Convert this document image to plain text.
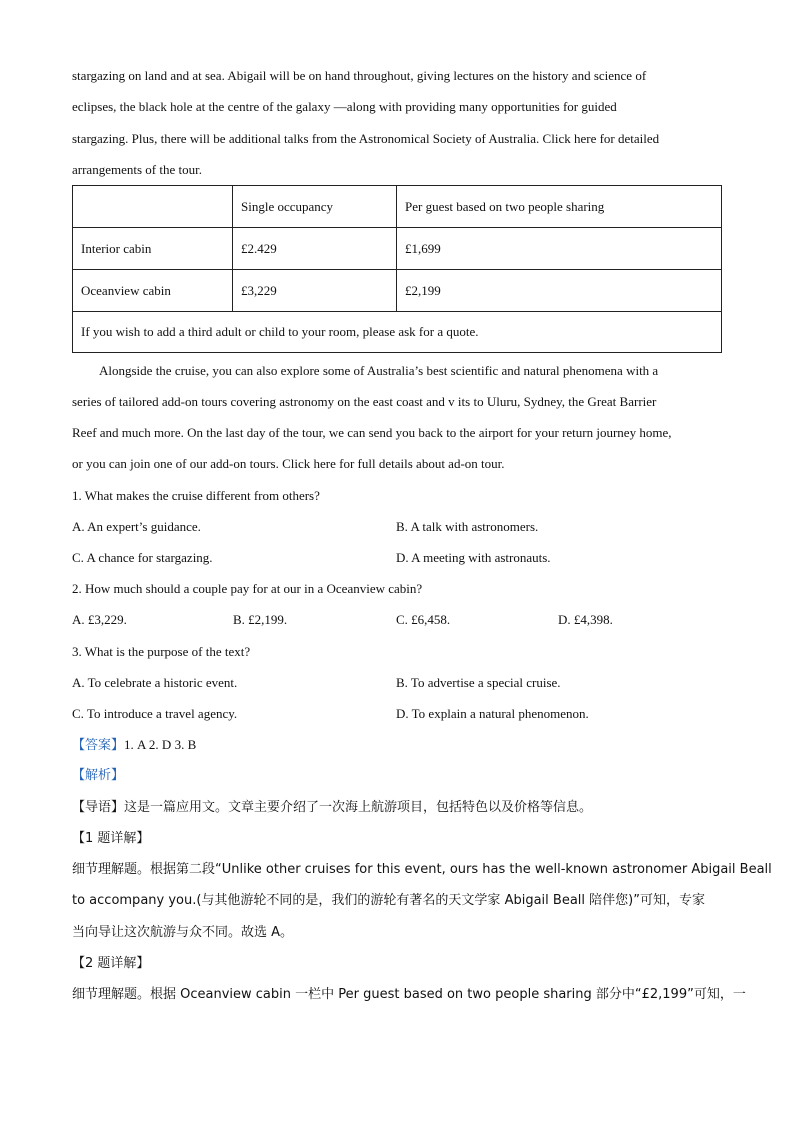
stargazing on land and at sea. Abigail will be on hand throughout, giving lectures on the history and science of
eclipses, the black hole at the centre of the galaxy —along with providing many opportunities for guided
stargazing. Plus, there will be additional talks from the Astronomical Society of Australia. Click here for detailed
arrangements of the tour.
	Single occupancy	Per guest based on two people sharing
Interior cabin	£2.429	£1,699
Oceanview cabin	£3,229	£2,199
If you wish to add a third adult or child to your room, please ask for a quote.		
Alongside the cruise, you can also explore some of Australia’s best scientific and natural phenomena with a
series of tailored add-on tours covering astronomy on the east coast and v its to Uluru, Sydney, the Great Barrier
Reef and much more. On the last day of the tour, we can send you back to the airport for your return journey home,
or you can join one of our add-on tours. Click here for full details about ad-on tour.
1. What makes the cruise different from others?
A. An expert’s guidance.	B. A talk with astronomers.
C. A chance for stargazing.	D. A meeting with astronauts.
2. How much should a couple pay for at our in a Oceanview cabin?
A. £3,229.	B. £2,199.	C. £6,458.	D. £4,398.
3. What is the purpose of the text?
A. To celebrate a historic event.	B. To advertise a special cruise.
C. To introduce a travel agency.	D. To explain a natural phenomenon.
【答案】1. A 2. D 3. B
【解析】
【导语】这是一篇应用文。文章主要介绍了一次海上航游项目，包括特色以及价格等信息。
【1 题详解】
细节理解题。根据第二段“Unlike other cruises for this event, ours has the well-known astronomer Abigail Beall
to accompany you.(与其他游轮不同的是，我们的游轮有著名的天文学家 Abigail Beall 陪伴您)”可知，专家
当向导让这次航游与众不同。故选 A。
【2 题详解】
细节理解题。根据 Oceanview cabin 一栏中 Per guest based on two people sharing 部分中“£2,199”可知，一
